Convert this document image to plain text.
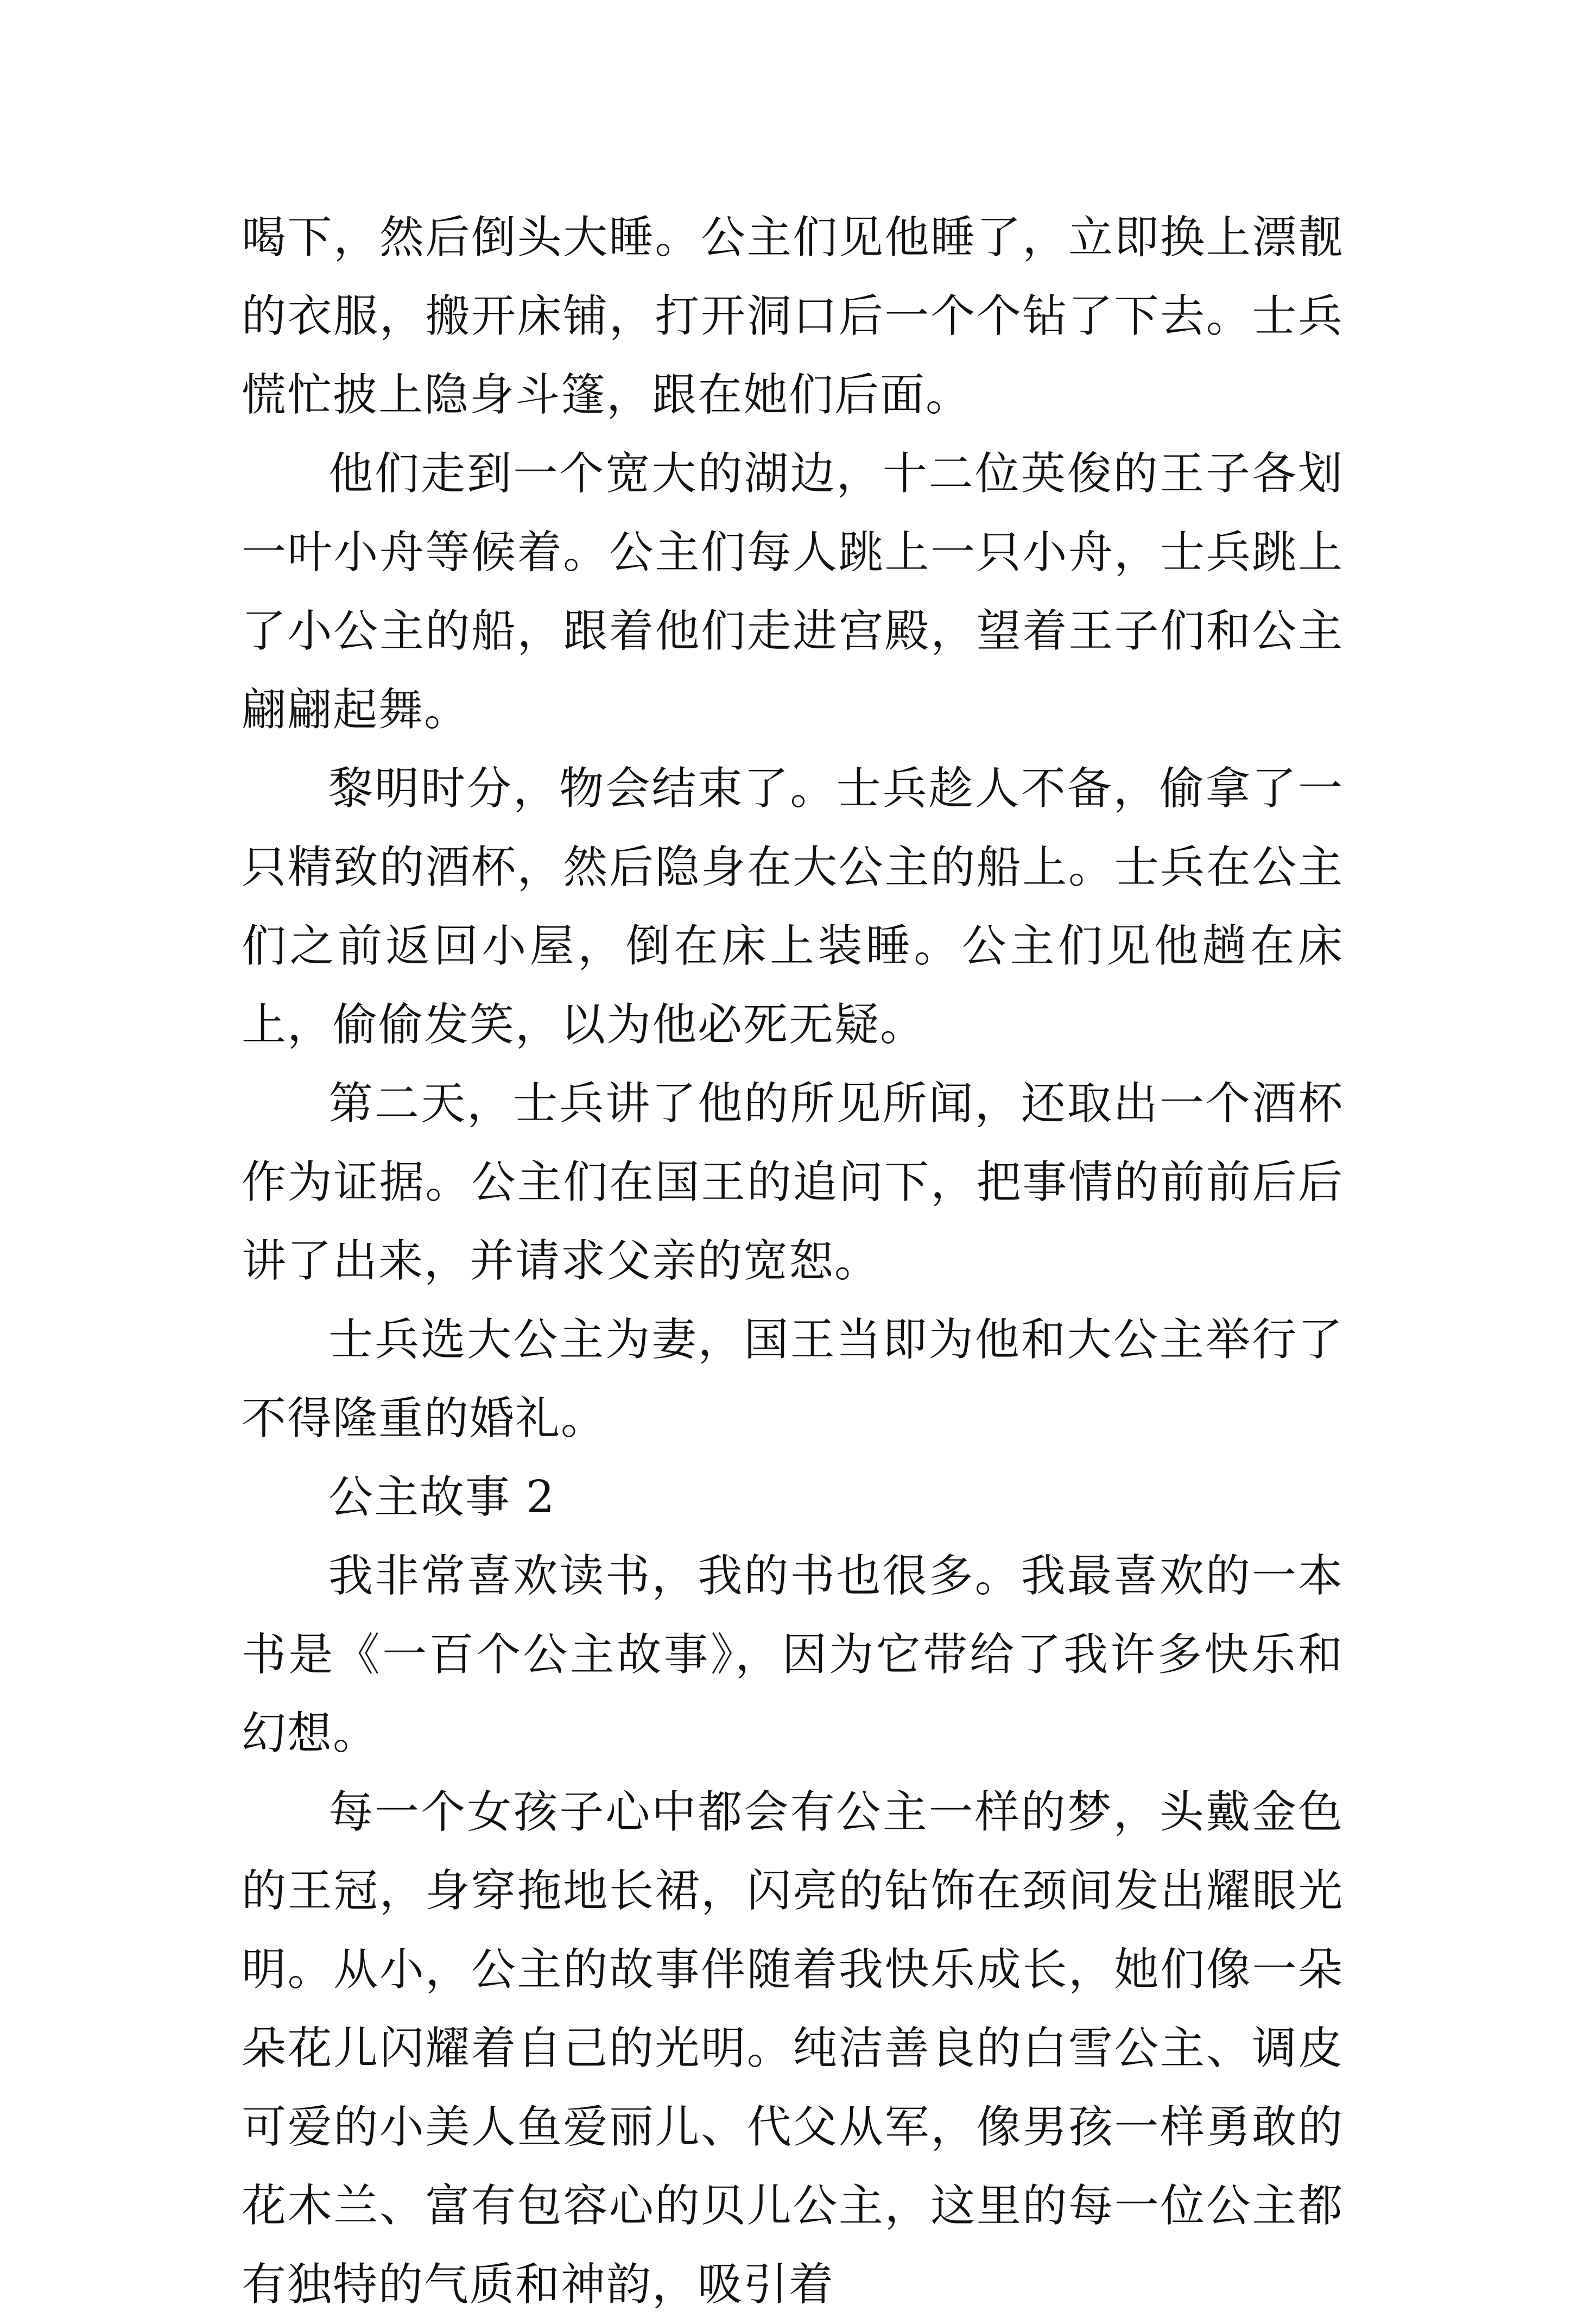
喝下，然后倒头大睡。公主们见他睡了，立即换上漂靓的衣服，搬开床铺，打开洞口后一个个钻了下去。士兵慌忙披上隐身斗篷，跟在她们后面。

他们走到一个宽大的湖边，十二位英俊的王子各划一叶小舟等候着。公主们每人跳上一只小舟，士兵跳上了小公主的船，跟着他们走进宫殿，望着王子们和公主翩翩起舞。

黎明时分，物会结束了。士兵趁人不备，偷拿了一只精致的酒杯，然后隐身在大公主的船上。士兵在公主们之前返回小屋，倒在床上装睡。公主们见他趟在床上，偷偷发笑，以为他必死无疑。

第二天，士兵讲了他的所见所闻，还取出一个酒杯作为证据。公主们在国王的追问下，把事情的前前后后讲了出来，并请求父亲的宽恕。

士兵选大公主为妻，国王当即为他和大公主举行了不得隆重的婚礼。

公主故事 2

我非常喜欢读书，我的书也很多。我最喜欢的一本书是《一百个公主故事》，因为它带给了我许多快乐和幻想。

每一个女孩子心中都会有公主一样的梦，头戴金色的王冠，身穿拖地长裙，闪亮的钻饰在颈间发出耀眼光明。从小，公主的故事伴随着我快乐成长，她们像一朵朵花儿闪耀着自己的光明。纯洁善良的白雪公主、调皮可爱的小美人鱼爱丽儿、代父从军，像男孩一样勇敢的花木兰、富有包容心的贝儿公主，这里的每一位公主都有独特的气质和神韵，吸引着
